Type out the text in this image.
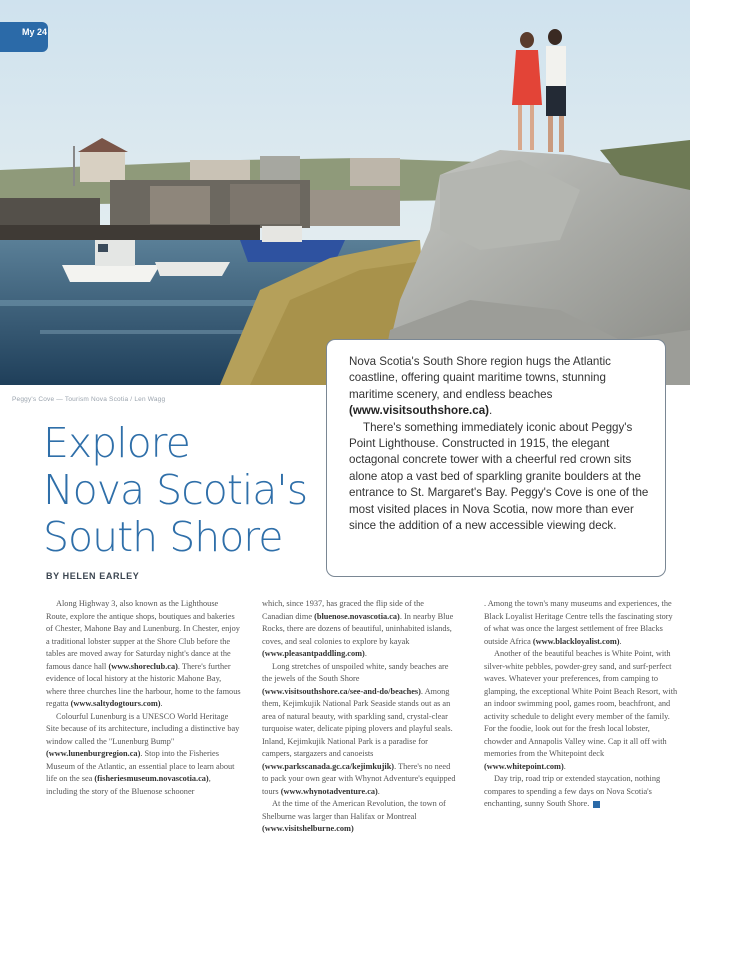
My 24
Peggy's Cove — Tourism Nova Scotia / Len Wagg

Nova Scotia's South Shore region hugs the Atlantic coastline, offering quaint maritime towns, stunning maritime scenery, and endless beaches (www.visitsouthshore.ca).

There's something immediately iconic about Peggy's Point Lighthouse. Constructed in 1915, the elegant octagonal concrete tower with a cheerful red crown sits alone atop a vast bed of sparkling granite boulders at the entrance to St. Margaret's Bay. Peggy's Cove is one of the most visited places in Nova Scotia, now more than ever since the addition of a new accessible viewing deck.

Explore
Nova Scotia's
South Shore
BY HELEN EARLEY

Along Highway 3, also known as the Lighthouse Route, explore the antique shops, boutiques and bakeries of Chester, Mahone Bay and Lunenburg. In Chester, enjoy a traditional lobster supper at the Shore Club before the tables are moved away for Saturday night's dance at the famous dance hall (www.shoreclub.ca). There's further evidence of local history at the historic Mahone Bay, where three churches line the harbour, home to the famous regatta (www.saltydogtours.com).

Colourful Lunenburg is a UNESCO World Heritage Site because of its architecture, including a distinctive bay window called the "Lunenburg Bump" (www.lunenburgregion.ca). Stop into the Fisheries Museum of the Atlantic, an essential place to learn about life on the sea (fisheriesmuseum.novascotia.ca), including the story of the Bluenose schooner

which, since 1937, has graced the flip side of the Canadian dime (bluenose.novascotia.ca). In nearby Blue Rocks, there are dozens of beautiful, uninhabited islands, coves, and seal colonies to explore by kayak (www.pleasantpaddling.com).

Long stretches of unspoiled white, sandy beaches are the jewels of the South Shore (www.visitsouthshore.ca/see-and-do/beaches). Among them, Kejimkujik National Park Seaside stands out as an area of natural beauty, with sparkling sand, crystal-clear turquoise water, delicate piping plovers and playful seals. Inland, Kejimkujik National Park is a paradise for campers, stargazers and canoeists (www.parkscanada.gc.ca/kejimkujik). There's no need to pack your own gear with Whynot Adventure's equipped tours (www.whynotadventure.ca).

At the time of the American Revolution, the town of Shelburne was larger than Halifax or Montreal (www.visitshelburne.com)

. Among the town's many museums and experiences, the Black Loyalist Heritage Centre tells the fascinating story of what was once the largest settlement of free Blacks outside Africa (www.blackloyalist.com).

Another of the beautiful beaches is White Point, with silver-white pebbles, powder-grey sand, and surf-perfect waves. Whatever your preferences, from camping to glamping, the exceptional White Point Beach Resort, with an indoor swimming pool, games room, beachfront, and activity schedule to delight every member of the family. For the foodie, look out for the fresh local lobster, chowder and Annapolis Valley wine. Cap it all off with memories from the Whitepoint deck (www.whitepoint.com).

Day trip, road trip or extended staycation, nothing compares to spending a few days on Nova Scotia's enchanting, sunny South Shore.
